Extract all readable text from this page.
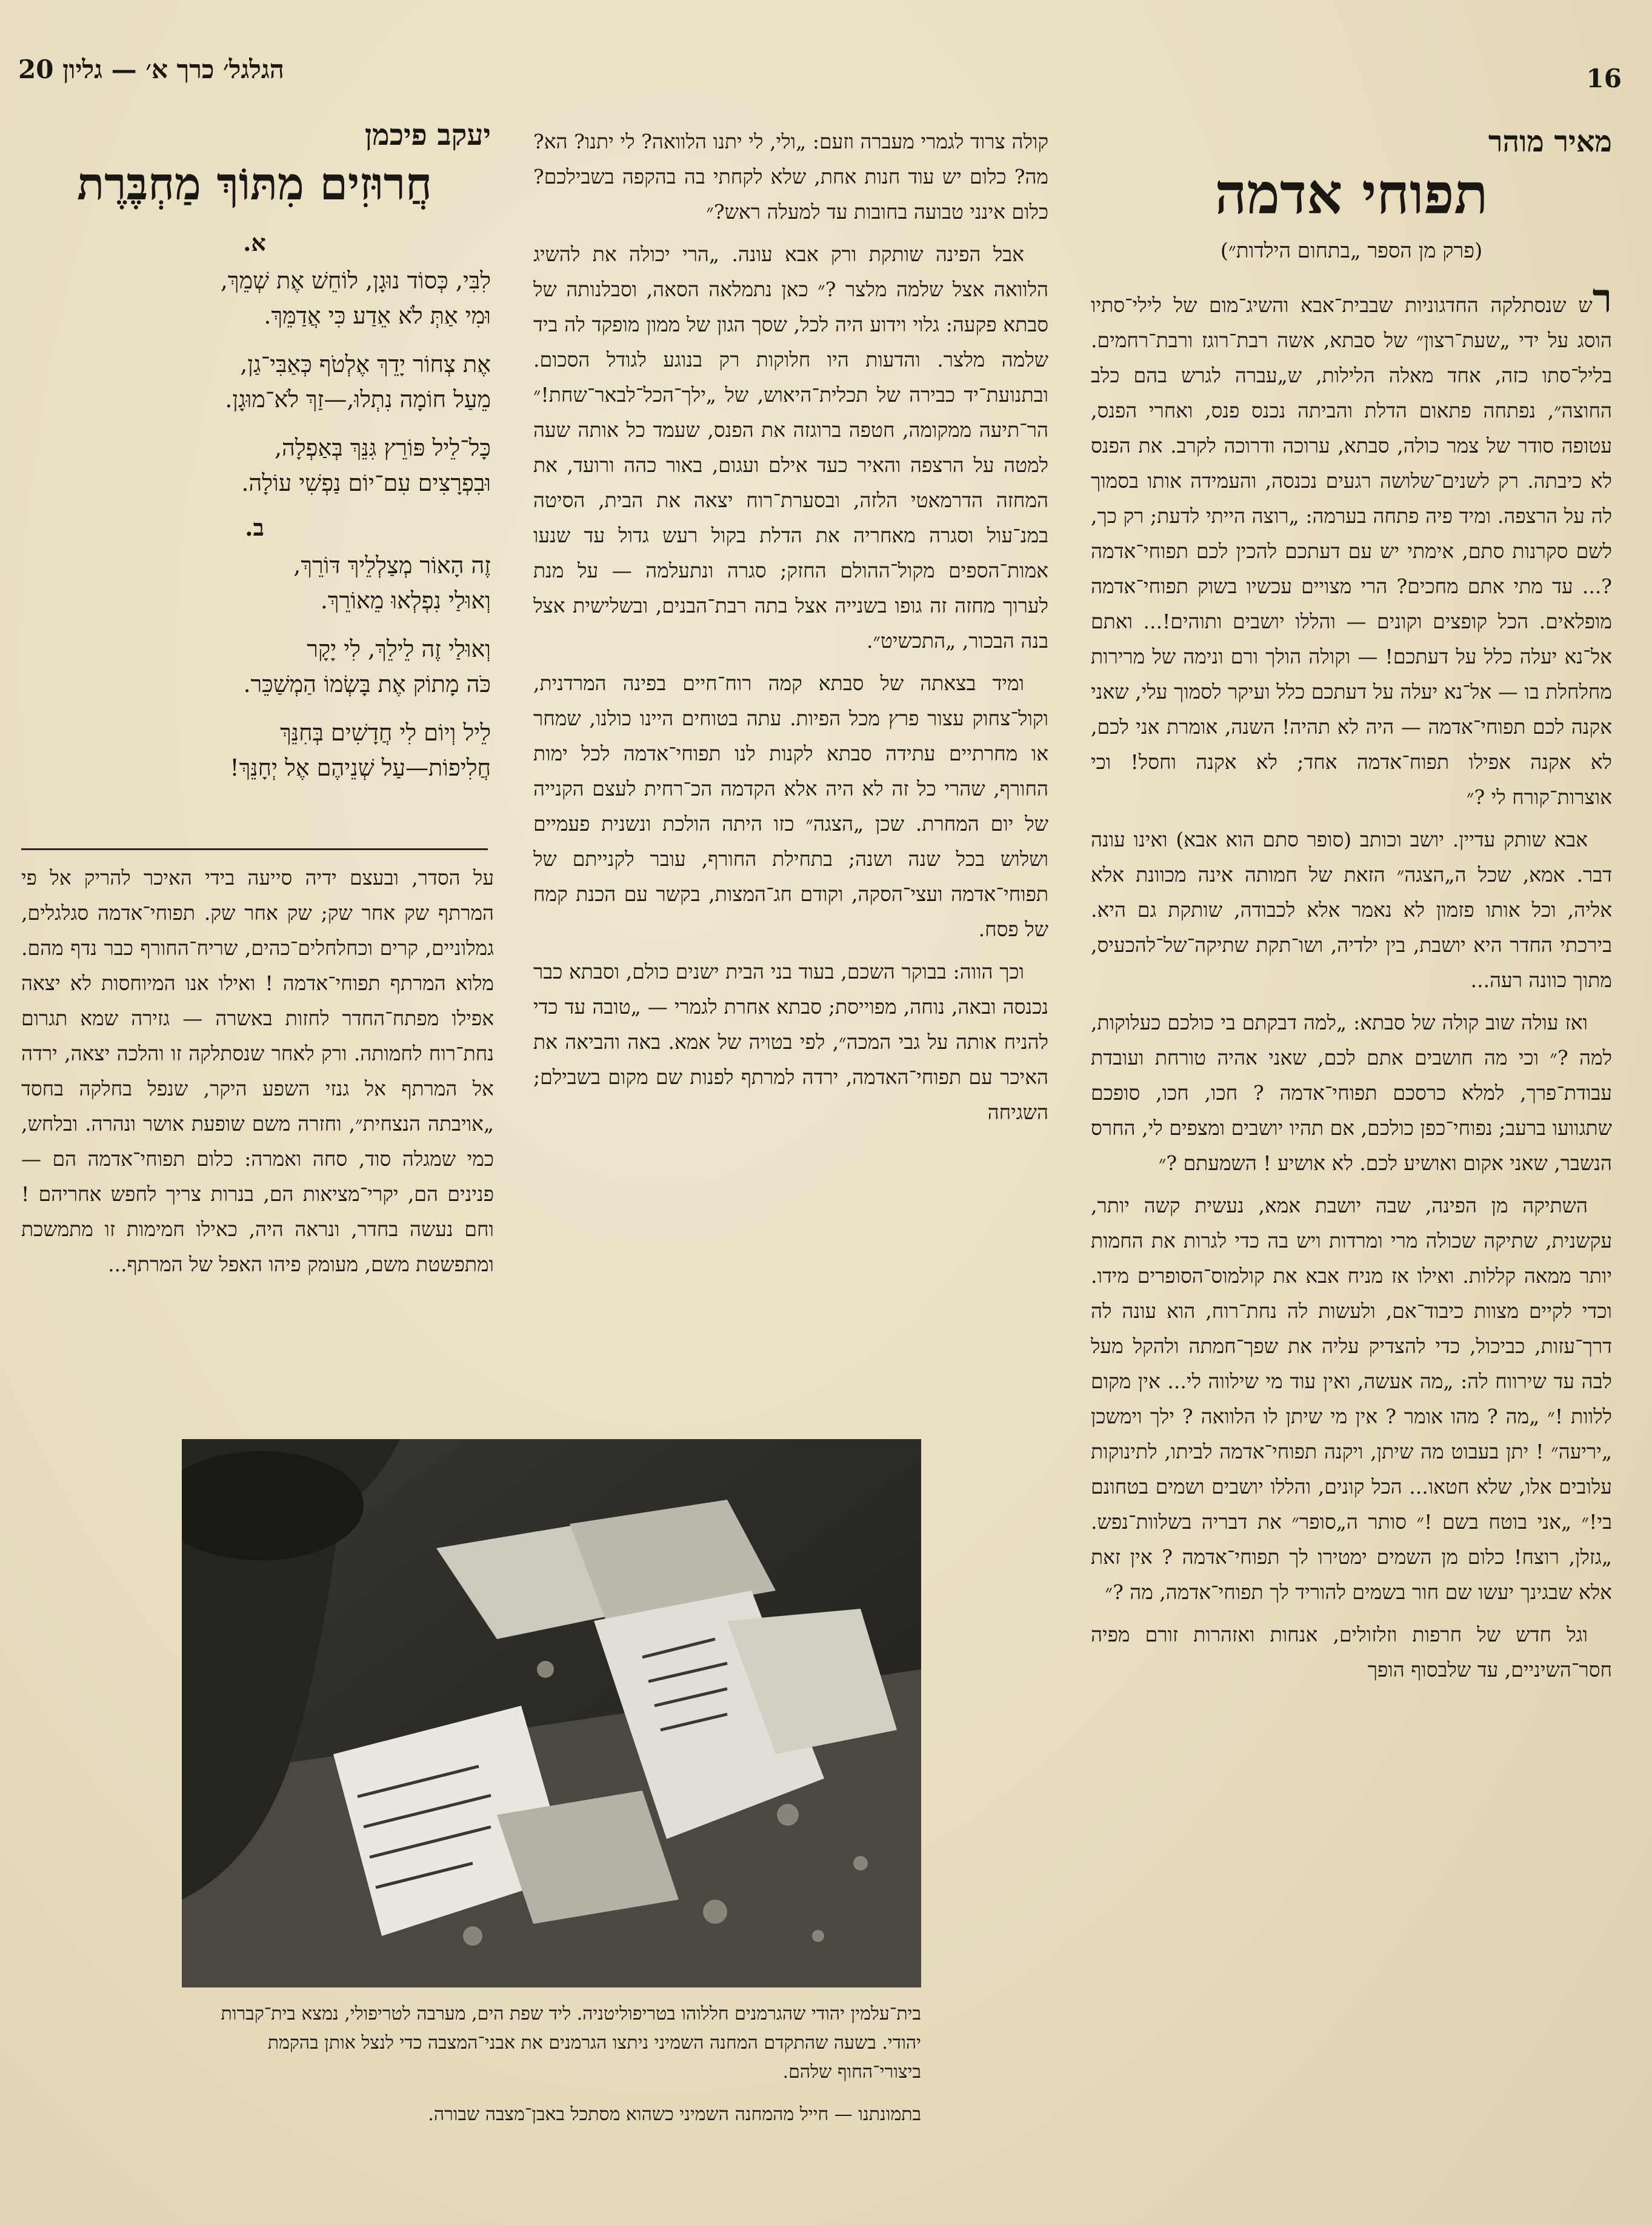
הגלגל׳ כרך א׳ — גליון 20	16
מאיר מוהר
תפוחי אדמה
(פרק מן הספר „בתחום הילדות״)

רש שנסתלקה החדגוניות שבבית־אבא והשיג־מום של לילי־סתיו הוסג על ידי „שעת־רצון״ של סבתא, אשה רבת־רוגז ורבת־רחמים. בליל־סתו כזה, אחד מאלה הלילות, ש„עברה לגרש בהם כלב החוצה״, נפתחה פתאום הדלת והביתה נכנס פנס, ואחרי הפנס, עטופה סודר של צמר כולה, סבתא, ערוכה ודרוכה לקרב. את הפנס לא כיבתה. רק לשנים־שלושה רגעים נכנסה, והעמידה אותו בסמוך לה על הרצפה. ומיד פיה פתחה בערמה: „רוצה הייתי לדעת; רק כך, לשם סקרנות סתם, אימתי יש עם דעתכם להכין לכם תפוחי־אדמה ?... עד מתי אתם מחכים? הרי מצויים עכשיו בשוק תפוחי־אדמה מופלאים. הכל קופצים וקונים — והללו יושבים ותוהים!... ואתם אל־נא יעלה כלל על דעתכם! — וקולה הולך ורם ונימה של מרירות מחלחלת בו — אל־נא יעלה על דעתכם כלל ועיקר לסמוך עלי, שאני אקנה לכם תפוחי־אדמה — היה לא תהיה! השנה, אומרת אני לכם, לא אקנה אפילו תפוח־אדמה אחד; לא אקנה וחסל! וכי אוצרות־קורח לי ?״

אבא שותק עדיין. יושב וכותב (סופר סתם הוא אבא) ואינו עונה דבר. אמא, שכל ה„הצגה״ הזאת של חמותה אינה מכוונת אלא אליה, וכל אותו פזמון לא נאמר אלא לכבודה, שותקת גם היא. בירכתי החדר היא יושבת, בין ילדיה, ושו־תקת שתיקה־של־להכעיס, מתוך כוונה רעה...

ואז עולה שוב קולה של סבתא: „למה דבקתם בי כולכם כעלוקות, למה ?״ וכי מה חושבים אתם לכם, שאני אהיה טורחת ועובדת עבודת־פרך, למלא כרסכם תפוחי־אדמה ? חכו, חכו, סופכם שתגוועו ברעב; נפוחי־כפן כולכם, אם תהיו יושבים ומצפים לי, החרס הנשבר, שאני אקום ואושיע לכם. לא אושיע ! השמעתם ?״

השתיקה מן הפינה, שבה יושבת אמא, נעשית קשה יותר, עקשנית, שתיקה שכולה מרי ומרדות ויש בה כדי לגרות את החמות יותר ממאה קללות. ואילו אז מניח אבא את קולמוס־הסופרים מידו. וכדי לקיים מצוות כיבוד־אם, ולעשות לה נחת־רוח, הוא עונה לה דרך־עזות, כביכול, כדי להצדיק עליה את שפך־חמתה ולהקל מעל לבה עד שירווח לה: „מה אעשה, ואין עוד מי שילווה לי... אין מקום ללוות !״ „מה ? מהו אומר ? אין מי שיתן לו הלוואה ? ילך וימשכן „יריעה״ ! יתן בעבוט מה שיתן, ויקנה תפוחי־אדמה לביתו, לתינוקות עלובים אלו, שלא חטאו... הכל קונים, והללו יושבים ושמים בטחונם בי!״ „אני בוטח בשם !״ סותר ה„סופר״ את דבריה בשלוות־נפש. „גזלן, רוצח! כלום מן השמים ימטירו לך תפוחי־אדמה ? אין זאת אלא שבגינך יעשו שם חור בשמים להוריד לך תפוחי־אדמה, מה ?״

וגל חדש של חרפות וזלזולים, אנחות ואזהרות זורם מפיה חסר־השיניים, עד שלבסוף הופך

קולה צרוד לגמרי מעברה וזעם: „ולי, לי יתנו הלוואה? לי יתנו? הא? מה? כלום יש עוד חנות אחת, שלא לקחתי בה בהקפה בשבילכם? כלום אינני טבועה בחובות עד למעלה ראש?״

אבל הפינה שותקת ורק אבא עונה. „הרי יכולה את להשיג הלוואה אצל שלמה מלצר ?״ כאן נתמלאה הסאה, וסבלנותה של סבתא פקעה: גלוי וידוע היה לכל, שסך הגון של ממון מופקד לה ביד שלמה מלצר. והדעות היו חלוקות רק בנוגע לגודל הסכום. ובתנועת־יד כבירה של תכלית־היאוש, של „ילך־הכל־לבאר־שחת!״ הר־תיעה ממקומה, חטפה ברוגזה את הפנס, שעמד כל אותה שעה למטה על הרצפה והאיר כעד אילם ועגום, באור כהה ורועד, את המחזה הדרמאטי הלזה, ובסערת־רוח יצאה את הבית, הסיטה במנ־עול וסגרה מאחריה את הדלת בקול רעש גדול עד שנעו אמות־הספים מקול־ההולם החזק; סגרה ונתעלמה — על מנת לערוך מחזה זה גופו בשנייה אצל בתה רבת־הבנים, ובשלישית אצל בנה הבכור, „התכשיט״.

ומיד בצאתה של סבתא קמה רוח־חיים בפינה המרדנית, וקול־צחוק עצור פרץ מכל הפיות. עתה בטוחים היינו כולנו, שמחר או מחרתיים עתידה סבתא לקנות לנו תפוחי־אדמה לכל ימות החורף, שהרי כל זה לא היה אלא הקדמה הכ־רחית לעצם הקנייה של יום המחרת. שכן „הצגה״ כזו היתה הולכת ונשנית פעמיים ושלוש בכל שנה ושנה; בתחילת החורף, עובר לקנייתם של תפוחי־אדמה ועצי־הסקה, וקודם חג־המצות, בקשר עם הכנת קמח של פסח.

וכך הווה: בבוקר השכם, בעוד בני הבית ישנים כולם, וסבתא כבר נכנסה ובאה, נוחה, מפוייסת; סבתא אחרת לגמרי — „טובה עד כדי להניח אותה על גבי המכה״, לפי בטויה של אמא. באה והביאה את האיכר עם תפוחי־האדמה, ירדה למרתף לפנות שם מקום בשבילם; השגיחה

יעקב פיכמן
חֲרוּזִים מִתּוֹךְ מַחְבֶּרֶת
א.
לִבִּי, כְּסוֹד נוּגָן, לוֹחֵשׁ אֶת שְׁמֵךְ,
וּמִי אַתְּ לֹא אֵדַע כִּי אֲדַמֵּךְ.
אֶת צְחוֹר יָדֵךְ אֶלְטֹף כְּאַבִּי־גַן,
מֵעַל חוֹמָה נִתְלוּ,—זַךְ לֹא־מוּגָן.
כָּל־לֵיל פּוֹרֵץ גִּנֵּךְ בְּאַפְלָה,
וּבִפְרָצִים עִם־יוֹם נַפְשִׁי עוֹלָה.
ב.
זֶה הָאוֹר מְצַלְלֵיךְ דּוֹרֵךְ,
וְאוּלַי נִפְלְאוּ מֵאוֹרֵךְ.
וְאוּלַי זֶה לֵילֵךְ, לִי יָקָר
כֹּה מָתוֹק אֶת בָּשְׂמוֹ הַמְשַׁכֵּר.
לֵיל וְיוֹם לִי חֲדָשִׁים בְּחִנֵּךְ
חֲלִיפוֹת—עַל שְׁנֵיהֶם אֶל יְחָנֵּךְ!

על הסדר, ובעצם ידיה סייעה בידי האיכר להריק אל פי המרתף שק אחר שק; שק אחר שק. תפוחי־אדמה סגלגלים, גמלוניים, קרים וכחלחלים־כהים, שריח־החורף כבר נדף מהם. מלוא המרתף תפוחי־אדמה ! ואילו אנו המיוחסות לא יצאה אפילו מפתח־החדר לחזות באשרה — גזירה שמא תגרום נחת־רוח לחמותה. ורק לאחר שנסתלקה זו והלכה יצאה, ירדה אל המרתף אל גנזי השפע היקר, שנפל בחלקה בחסד „אויבתה הנצחית״, וחזרה משם שופעת אושר ונהרה. ובלחש, כמי שמגלה סוד, סחה ואמרה: כלום תפוחי־אדמה הם — פנינים הם, יקרי־מציאות הם, בנרות צריך לחפש אחריהם ! וחם נעשה בחדר, ונראה היה, כאילו חמימות זו מתמשכת ומתפשטת משם, מעומק פיהו האפל של המרתף...

בית־עלמין יהודי שהגרמנים חללוהו בטריפוליטניה. ליד שפת הים, מערבה לטריפולי, נמצא בית־קברות יהודי. בשעה שהתקדם המחנה השמיני ניתצו הגרמנים את אבני־המצבה כדי לנצל אותן בהקמת ביצורי־החוף שלהם.

בתמונתנו — חייל מהמחנה השמיני כשהוא מסתכל באבן־מצבה שבורה.
